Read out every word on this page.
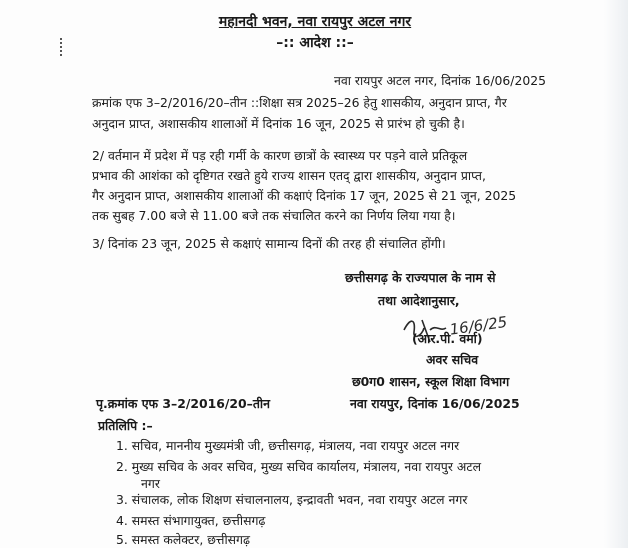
महानदी भवन, नवा रायपुर अटल नगर
–:: आदेश ::–
नवा रायपुर अटल नगर, दिनांक 16/06/2025
क्रमांक एफ 3–2/2016/20–तीन ::शिक्षा सत्र 2025–26 हेतु शासकीय, अनुदान प्राप्त, गैर
अनुदान प्राप्त, अशासकीय शालाओं में दिनांक 16 जून, 2025 से प्रारंभ हो चुकी है।
2/ वर्तमान में प्रदेश में पड़ रही गर्मी के कारण छात्रों के स्वास्थ्य पर पड़ने वाले प्रतिकूल
प्रभाव की आशंका को दृष्टिगत रखते हुये राज्य शासन एतद् द्वारा शासकीय, अनुदान प्राप्त,
गैर अनुदान प्राप्त, अशासकीय शालाओं की कक्षाएं दिनांक 17 जून, 2025 से 21 जून, 2025
तक सुबह 7.00 बजे से 11.00 बजे तक संचालित करने का निर्णय लिया गया है।
3/ दिनांक 23 जून, 2025 से कक्षाएं सामान्य दिनों की तरह ही संचालित होंगी।
छत्तीसगढ़ के राज्यपाल के नाम से
तथा आदेशानुसार,
16/6/25
(आर.पी. वर्मा)
अवर सचिव
छ0ग0 शासन, स्कूल शिक्षा विभाग
पृ.क्रमांक एफ 3–2/2016/20–तीन	नवा रायपुर, दिनांक 16/06/2025
प्रतिलिपि :–
1. सचिव, माननीय मुख्यमंत्री जी, छत्तीसगढ़, मंत्रालय, नवा रायपुर अटल नगर
2. मुख्य सचिव के अवर सचिव, मुख्य सचिव कार्यालय, मंत्रालय, नवा रायपुर अटल
नगर
3. संचालक, लोक शिक्षण संचालनालय, इन्द्रावती भवन, नवा रायपुर अटल नगर
4. समस्त संभागायुक्त, छत्तीसगढ़
5. समस्त कलेक्टर, छत्तीसगढ़
